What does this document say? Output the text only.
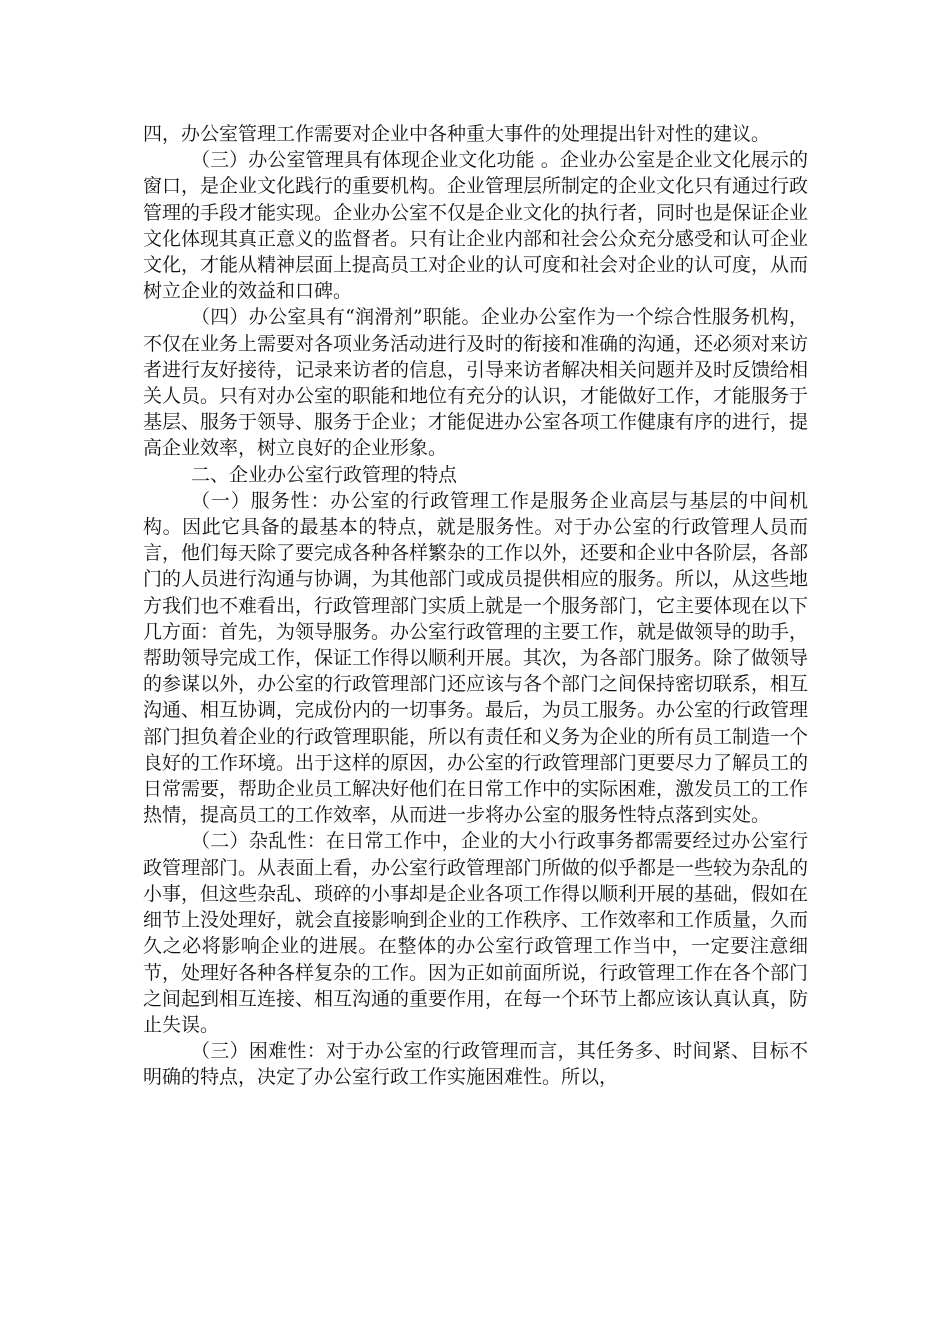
四，办公室管理工作需要对企业中各种重大事件的处理提出针对性的建议。

（三）办公室管理具有体现企业文化功能 。企业办公室是企业文化展示的窗口，是企业文化践行的重要机构。企业管理层所制定的企业文化只有通过行政管理的手段才能实现。企业办公室不仅是企业文化的执行者，同时也是保证企业文化体现其真正意义的监督者。只有让企业内部和社会公众充分感受和认可企业文化，才能从精神层面上提高员工对企业的认可度和社会对企业的认可度，从而树立企业的效益和口碑。

（四）办公室具有“润滑剂”职能。企业办公室作为一个综合性服务机构，不仅在业务上需要对各项业务活动进行及时的衔接和准确的沟通，还必须对来访者进行友好接待，记录来访者的信息，引导来访者解决相关问题并及时反馈给相关人员。只有对办公室的职能和地位有充分的认识，才能做好工作，才能服务于基层、服务于领导、服务于企业；才能促进办公室各项工作健康有序的进行，提高企业效率，树立良好的企业形象。

二、企业办公室行政管理的特点

（一）服务性：办公室的行政管理工作是服务企业高层与基层的中间机构。因此它具备的最基本的特点，就是服务性。对于办公室的行政管理人员而言，他们每天除了要完成各种各样繁杂的工作以外，还要和企业中各阶层，各部门的人员进行沟通与协调，为其他部门或成员提供相应的服务。所以，从这些地方我们也不难看出，行政管理部门实质上就是一个服务部门，它主要体现在以下几方面：首先，为领导服务。办公室行政管理的主要工作，就是做领导的助手，帮助领导完成工作，保证工作得以顺利开展。其次，为各部门服务。除了做领导的参谋以外，办公室的行政管理部门还应该与各个部门之间保持密切联系，相互沟通、相互协调，完成份内的一切事务。最后，为员工服务。办公室的行政管理部门担负着企业的行政管理职能，所以有责任和义务为企业的所有员工制造一个良好的工作环境。出于这样的原因，办公室的行政管理部门更要尽力了解员工的日常需要，帮助企业员工解决好他们在日常工作中的实际困难，激发员工的工作热情，提高员工的工作效率，从而进一步将办公室的服务性特点落到实处。

（二）杂乱性：在日常工作中，企业的大小行政事务都需要经过办公室行政管理部门。从表面上看，办公室行政管理部门所做的似乎都是一些较为杂乱的小事，但这些杂乱、琐碎的小事却是企业各项工作得以顺利开展的基础，假如在细节上没处理好，就会直接影响到企业的工作秩序、工作效率和工作质量，久而久之必将影响企业的进展。在整体的办公室行政管理工作当中，一定要注意细节，处理好各种各样复杂的工作。因为正如前面所说，行政管理工作在各个部门之间起到相互连接、相互沟通的重要作用，在每一个环节上都应该认真认真，防止失误。

（三）困难性：对于办公室的行政管理而言，其任务多、时间紧、目标不明确的特点，决定了办公室行政工作实施困难性。所以，
